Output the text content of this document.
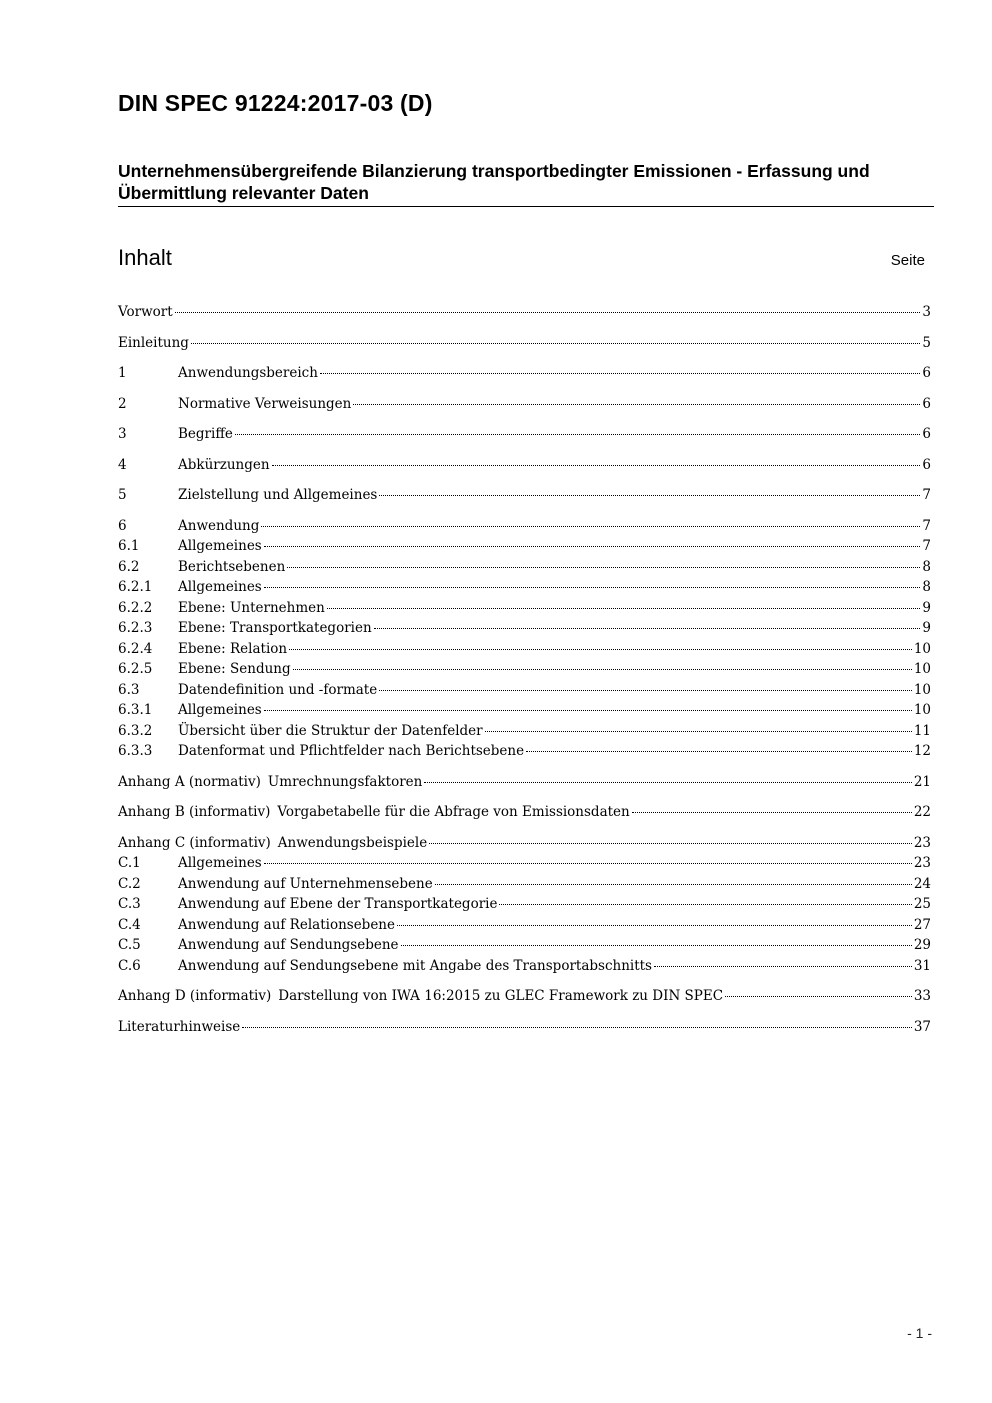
DIN SPEC 91224:2017-03 (D)
Unternehmensübergreifende Bilanzierung transportbedingter Emissionen - Erfassung und Übermittlung relevanter Daten
Inhalt	Seite
Vorwort	3
Einleitung	5
1	Anwendungsbereich	6
2	Normative Verweisungen	6
3	Begriffe	6
4	Abkürzungen	6
5	Zielstellung und Allgemeines	7
6	Anwendung	7
6.1	Allgemeines	7
6.2	Berichtsebenen	8
6.2.1	Allgemeines	8
6.2.2	Ebene: Unternehmen	9
6.2.3	Ebene: Transportkategorien	9
6.2.4	Ebene: Relation	10
6.2.5	Ebene: Sendung	10
6.3	Datendefinition und -formate	10
6.3.1	Allgemeines	10
6.3.2	Übersicht über die Struktur der Datenfelder	11
6.3.3	Datenformat und Pflichtfelder nach Berichtsebene	12
Anhang A (normativ) Umrechnungsfaktoren	21
Anhang B (informativ) Vorgabetabelle für die Abfrage von Emissionsdaten	22
Anhang C (informativ) Anwendungsbeispiele	23
C.1	Allgemeines	23
C.2	Anwendung auf Unternehmensebene	24
C.3	Anwendung auf Ebene der Transportkategorie	25
C.4	Anwendung auf Relationsebene	27
C.5	Anwendung auf Sendungsebene	29
C.6	Anwendung auf Sendungsebene mit Angabe des Transportabschnitts	31
Anhang D (informativ) Darstellung von IWA 16:2015 zu GLEC Framework zu DIN SPEC	33
Literaturhinweise	37
- 1 -
